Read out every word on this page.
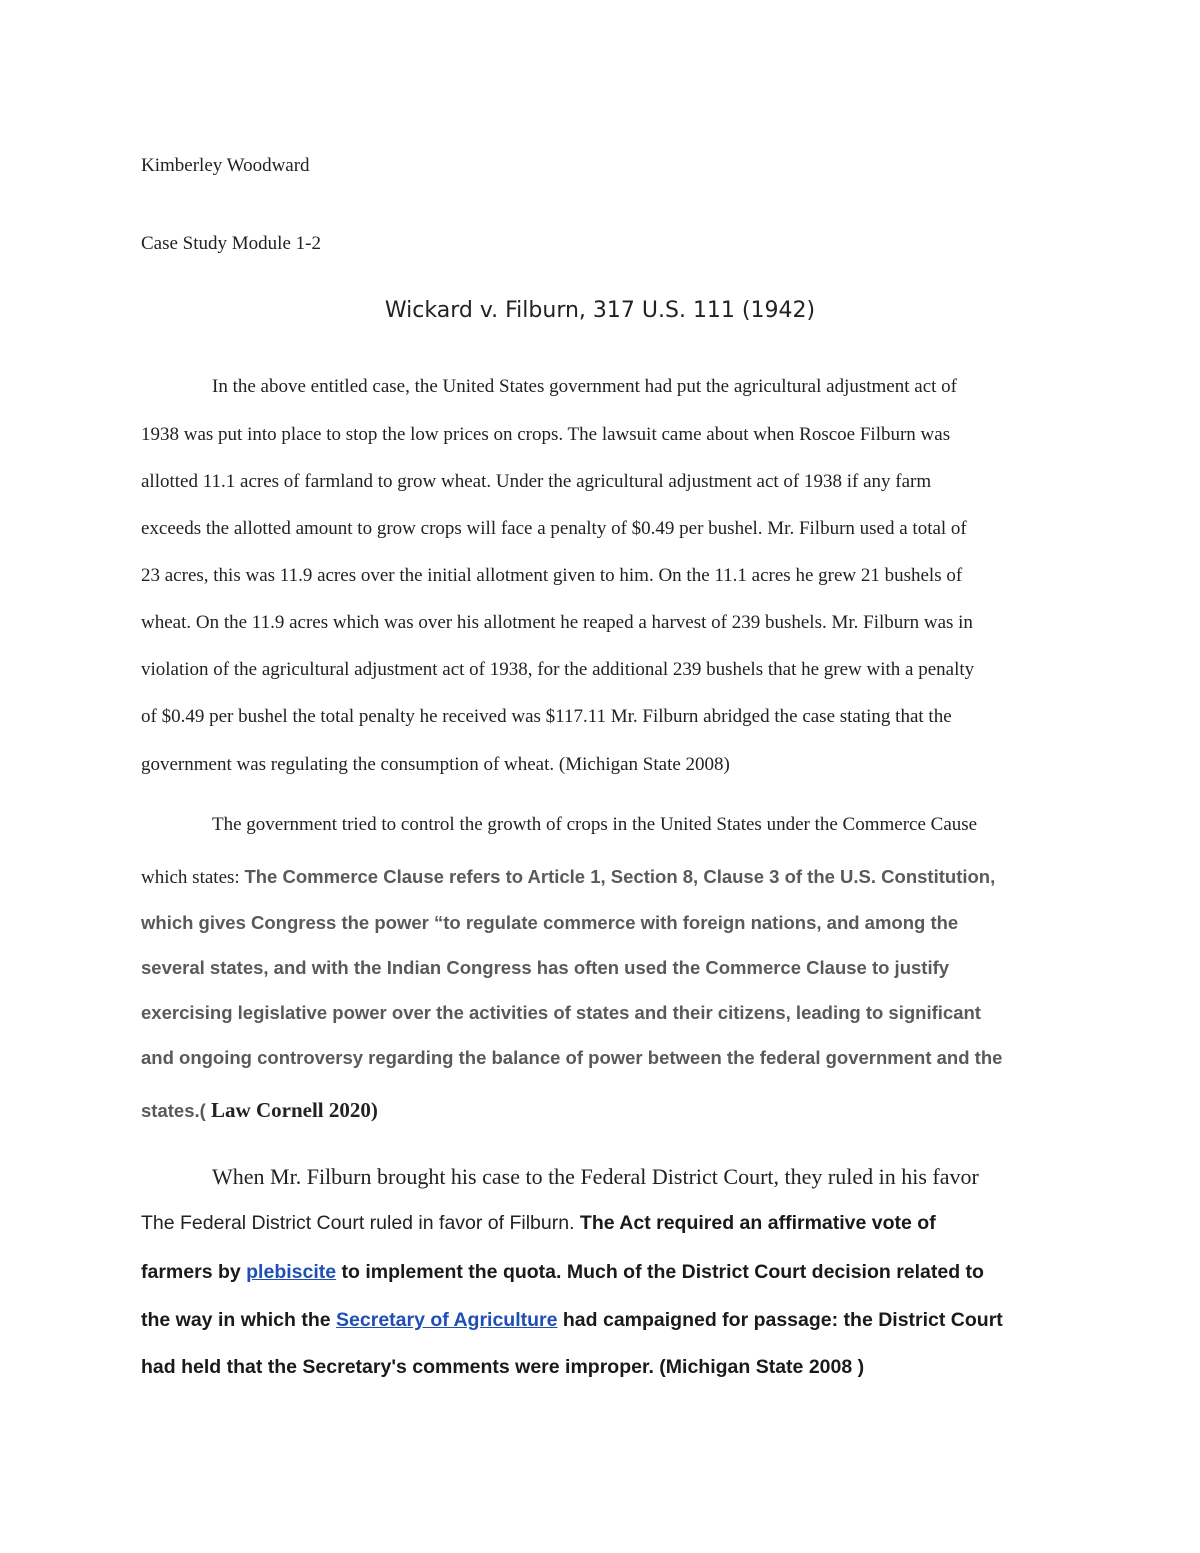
Kimberley Woodward

Case Study Module 1-2

Wickard v. Filburn, 317 U.S. 111 (1942)

In the above entitled case, the United States government had put the agricultural adjustment act of

1938 was put into place to stop the low prices on crops. The lawsuit came about when Roscoe Filburn was

allotted 11.1 acres of farmland to grow wheat. Under the agricultural adjustment act of 1938 if any farm

exceeds the allotted amount to grow crops will face a penalty of $0.49 per bushel. Mr. Filburn used a total of

23 acres, this was 11.9 acres over the initial allotment given to him. On the 11.1 acres he grew 21 bushels of

wheat. On the 11.9 acres which was over his allotment he reaped a harvest of 239 bushels. Mr. Filburn was in

violation of the agricultural adjustment act of 1938, for the additional 239 bushels that he grew with a penalty

of $0.49 per bushel the total penalty he received was $117.11 Mr. Filburn abridged the case stating that the

government was regulating the consumption of wheat. (Michigan State 2008)

The government tried to control the growth of crops in the United States under the Commerce Cause

which states: The Commerce Clause refers to Article 1, Section 8, Clause 3 of the U.S. Constitution,

which gives Congress the power “to regulate commerce with foreign nations, and among the

several states, and with the Indian Congress has often used the Commerce Clause to justify

exercising legislative power over the activities of states and their citizens, leading to significant

and ongoing controversy regarding the balance of power between the federal government and the

states.( Law Cornell 2020)

When Mr. Filburn brought his case to the Federal District Court, they ruled in his favor

The Federal District Court ruled in favor of Filburn. The Act required an affirmative vote of

farmers by plebiscite to implement the quota. Much of the District Court decision related to

the way in which the Secretary of Agriculture had campaigned for passage: the District Court

had held that the Secretary's comments were improper. (Michigan State 2008 )
